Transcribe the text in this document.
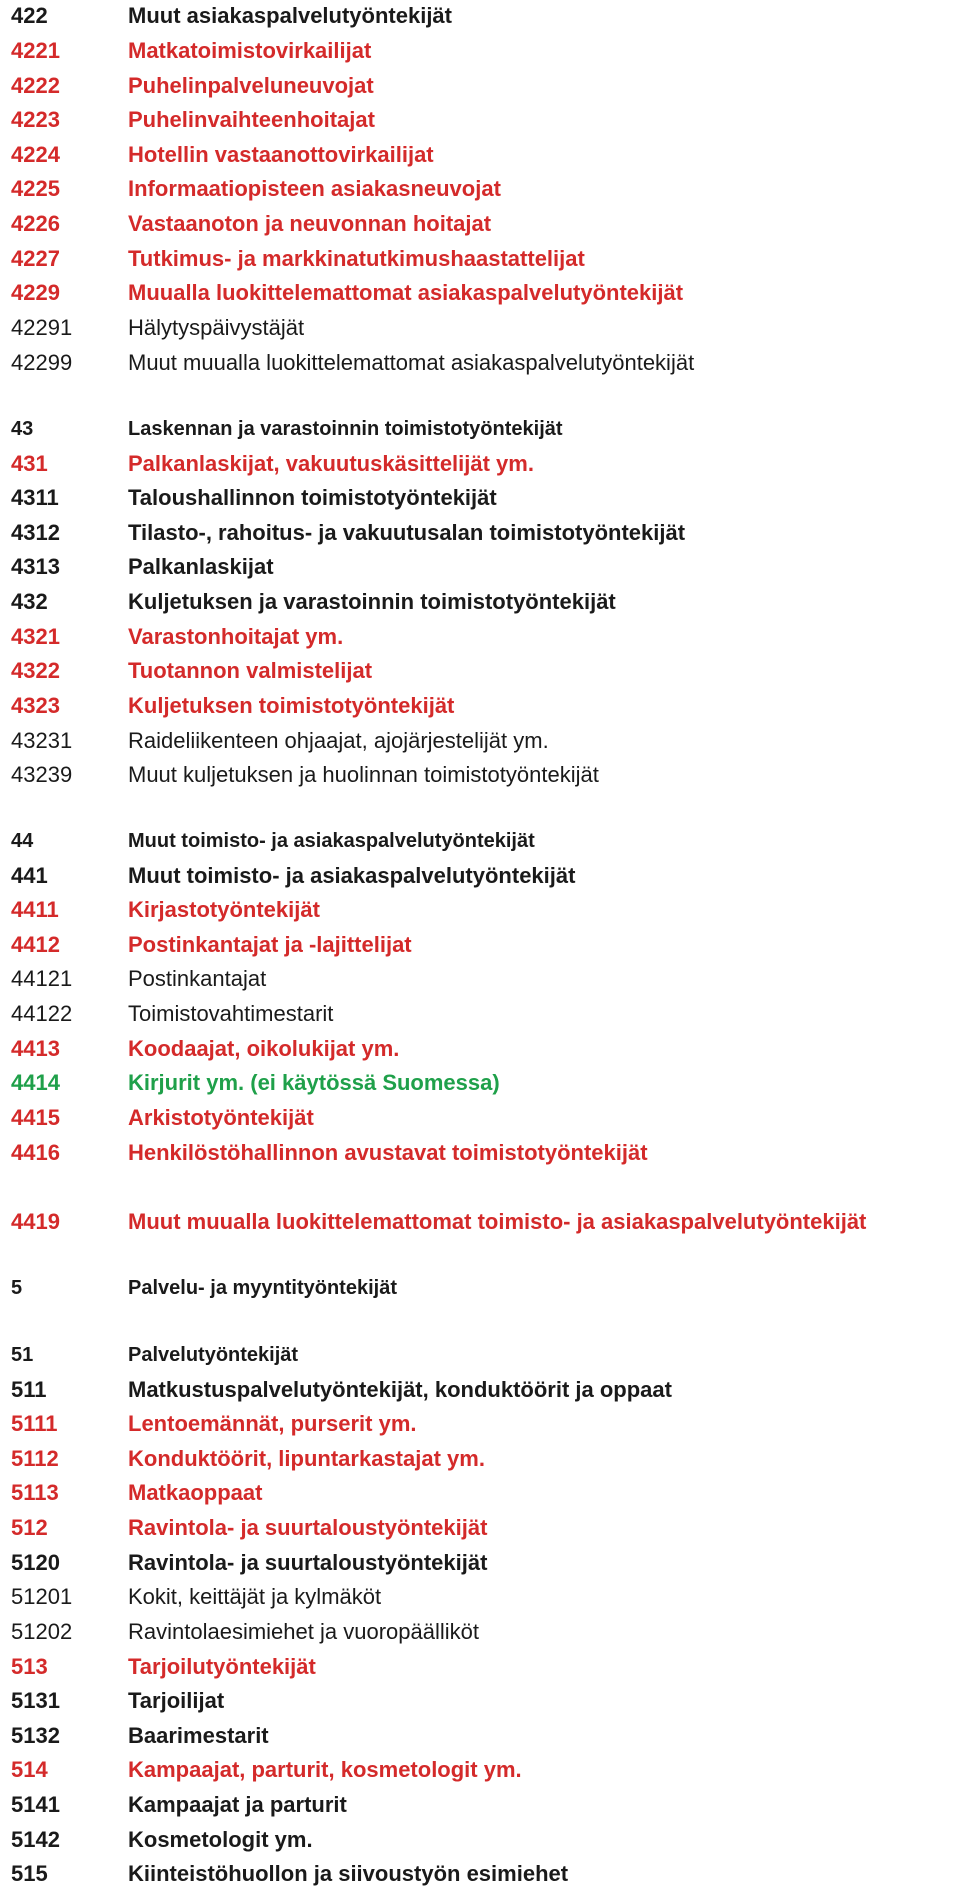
422	Muut asiakaspalvelutyöntekijät
4221	Matkatoimistovirkailijat
4222	Puhelinpalveluneuvojat
4223	Puhelinvaihteenhoitajat
4224	Hotellin vastaanottovirkailijat
4225	Informaatiopisteen asiakasneuvojat
4226	Vastaanoton ja neuvonnan hoitajat
4227	Tutkimus- ja markkinatutkimushaastattelijat
4229	Muualla luokittelemattomat asiakaspalvelutyöntekijät
42291	Hälytyspäivystäjät
42299	Muut muualla luokittelemattomat asiakaspalvelutyöntekijät
43	Laskennan ja varastoinnin toimistotyöntekijät
431	Palkanlaskijat, vakuutuskäsittelijät ym.
4311	Taloushallinnon toimistotyöntekijät
4312	Tilasto-, rahoitus- ja vakuutusalan toimistotyöntekijät
4313	Palkanlaskijat
432	Kuljetuksen ja varastoinnin toimistotyöntekijät
4321	Varastonhoitajat ym.
4322	Tuotannon valmistelijat
4323	Kuljetuksen toimistotyöntekijät
43231	Raideliikenteen ohjaajat, ajojärjestelijät ym.
43239	Muut kuljetuksen ja huolinnan toimistotyöntekijät
44	Muut toimisto- ja asiakaspalvelutyöntekijät
441	Muut toimisto- ja asiakaspalvelutyöntekijät
4411	Kirjastotyöntekijät
4412	Postinkantajat ja -lajittelijat
44121	Postinkantajat
44122	Toimistovahtimestarit
4413	Koodaajat, oikolukijat ym.
4414	Kirjurit ym. (ei käytössä Suomessa)
4415	Arkistotyöntekijät
4416	Henkilöstöhallinnon avustavat toimistotyöntekijät
4419	Muut muualla luokittelemattomat toimisto- ja asiakaspalvelutyöntekijät
5	Palvelu- ja myyntityöntekijät
51	Palvelutyöntekijät
511	Matkustuspalvelutyöntekijät, konduktöörit ja oppaat
5111	Lentoemännät, purserit ym.
5112	Konduktöörit, lipuntarkastajat ym.
5113	Matkaoppaat
512	Ravintola- ja suurtaloustyöntekijät
5120	Ravintola- ja suurtaloustyöntekijät
51201	Kokit, keittäjät ja kylmäköt
51202	Ravintolaesimiehet ja vuoropäälliköt
513	Tarjoilutyöntekijät
5131	Tarjoilijat
5132	Baarimestarit
514	Kampaajat, parturit, kosmetologit ym.
5141	Kampaajat ja parturit
5142	Kosmetologit ym.
515	Kiinteistöhuollon ja siivoustyön esimiehet
